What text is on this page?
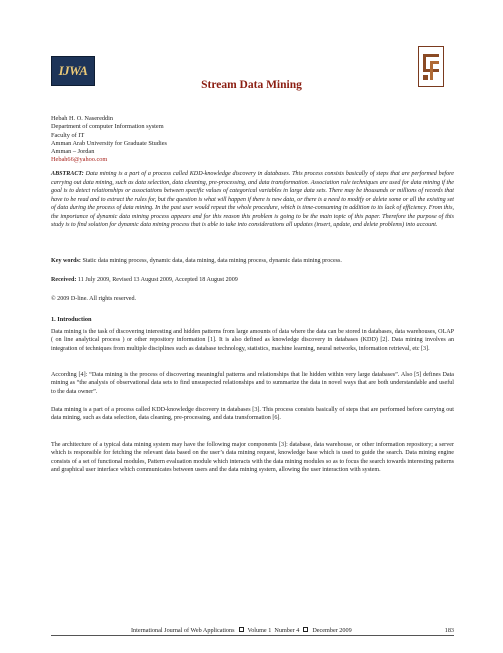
IJWA
Stream Data Mining
Hebah H. O. Nasereddin
Department of computer Information system
Faculty of IT
Amman Arab University for Graduate Studies
Amman – Jordan
Hebah66@yahoo.com
ABSTRACT: Data mining is a part of a process called KDD-knowledge discovery in databases. This process consists basically of steps that are performed before carrying out data mining, such as data selection, data cleaning, pre-processing, and data transformation. Association rule techniques are used for data mining if the goal is to detect relationships or associations between specific values of categorical variables in large data sets. There may be thousands or millions of records that have to be read and to extract the rules for, but the question is what will happen if there is new data, or there is a need to modify or delete some or all the existing set of data during the process of data mining. In the past user would repeat the whole procedure, which is time-consuming in addition to its lack of efficiency. From this, the importance of dynamic data mining process appears and for this reason this problem is going to be the main topic of this paper. Therefore the purpose of this study is to find solution for dynamic data mining process that is able to take into considerations all updates (insert, update, and delete problems) into account.
Key words: Static data mining process, dynamic data, data mining, data mining process, dynamic data mining process.
Received: 11 July 2009, Revised 13 August 2009, Accepted 18 August 2009
© 2009 D-line. All rights reserved.
1. Introduction

Data mining is the task of discovering interesting and hidden patterns from large amounts of data where the data can be stored in databases, data warehouses, OLAP ( on line analytical process ) or other repository information [1]. It is also defined as knowledge discovery in databases (KDD) [2]. Data mining involves an integration of techniques from multiple disciplines such as database technology, statistics, machine learning, neural networks, information retrieval, etc [3].

According [4]: “Data mining is the process of discovering meaningful patterns and relationships that lie hidden within very large databases”. Also [5] defines Data mining as “the analysis of observational data sets to find unsuspected relationships and to summarize the data in novel ways that are both understandable and useful to the data owner”.

Data mining is a part of a process called KDD-knowledge discovery in databases [3]. This process consists basically of steps that are performed before carrying out data mining, such as data selection, data cleaning, pre-processing, and data transformation [6].

The architecture of a typical data mining system may have the following major components [3]: database, data warehouse, or other information repository; a server which is responsible for fetching the relevant data based on the user’s data mining request, knowledge base which is used to guide the search. Data mining engine consists of a set of functional modules, Pattern evaluation module which interacts with the data mining modules so as to focus the search towards interesting patterns and graphical user interface which communicates between users and the data mining system, allowing the user interaction with system.

International Journal of Web Applications Volume 1 Number 4 December 2009	183
